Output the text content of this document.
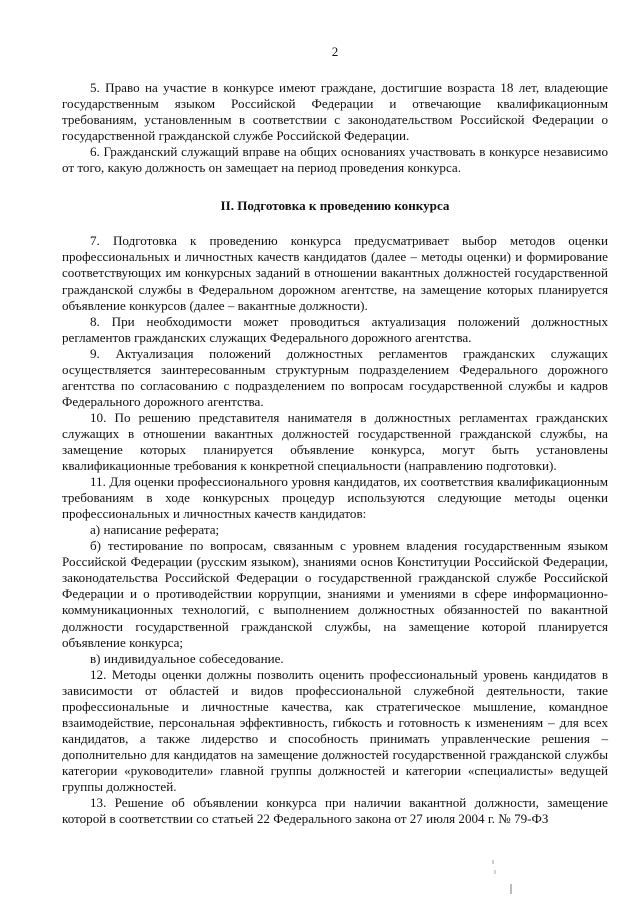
2

5. Право на участие в конкурсе имеют граждане, достигшие возраста 18 лет, владеющие государственным языком Российской Федерации и отвечающие квалификационным требованиям, установленным в соответствии с законодательством Российской Федерации о государственной гражданской службе Российской Федерации.

6. Гражданский служащий вправе на общих основаниях участвовать в конкурсе независимо от того, какую должность он замещает на период проведения конкурса.

II. Подготовка к проведению конкурса

7. Подготовка к проведению конкурса предусматривает выбор методов оценки профессиональных и личностных качеств кандидатов (далее – методы оценки) и формирование соответствующих им конкурсных заданий в отношении вакантных должностей государственной гражданской службы в Федеральном дорожном агентстве, на замещение которых планируется объявление конкурсов (далее – вакантные должности).

8. При необходимости может проводиться актуализация положений должностных регламентов гражданских служащих Федерального дорожного агентства.

9. Актуализация положений должностных регламентов гражданских служащих осуществляется заинтересованным структурным подразделением Федерального дорожного агентства по согласованию с подразделением по вопросам государственной службы и кадров Федерального дорожного агентства.

10. По решению представителя нанимателя в должностных регламентах гражданских служащих в отношении вакантных должностей государственной гражданской службы, на замещение которых планируется объявление конкурса, могут быть установлены квалификационные требования к конкретной специальности (направлению подготовки).

11. Для оценки профессионального уровня кандидатов, их соответствия квалификационным требованиям в ходе конкурсных процедур используются следующие методы оценки профессиональных и личностных качеств кандидатов:

а) написание реферата;

б) тестирование по вопросам, связанным с уровнем владения государственным языком Российской Федерации (русским языком), знаниями основ Конституции Российской Федерации, законодательства Российской Федерации о государственной гражданской службе Российской Федерации и о противодействии коррупции, знаниями и умениями в сфере информационно-коммуникационных технологий, с выполнением должностных обязанностей по вакантной должности государственной гражданской службы, на замещение которой планируется объявление конкурса;

в) индивидуальное собеседование.

12. Методы оценки должны позволить оценить профессиональный уровень кандидатов в зависимости от областей и видов профессиональной служебной деятельности, такие профессиональные и личностные качества, как стратегическое мышление, командное взаимодействие, персональная эффективность, гибкость и готовность к изменениям – для всех кандидатов, а также лидерство и способность принимать управленческие решения – дополнительно для кандидатов на замещение должностей государственной гражданской службы категории «руководители» главной группы должностей и категории «специалисты» ведущей группы должностей.

13. Решение об объявлении конкурса при наличии вакантной должности, замещение которой в соответствии со статьей 22 Федерального закона от 27 июля 2004 г. № 79-ФЗ
